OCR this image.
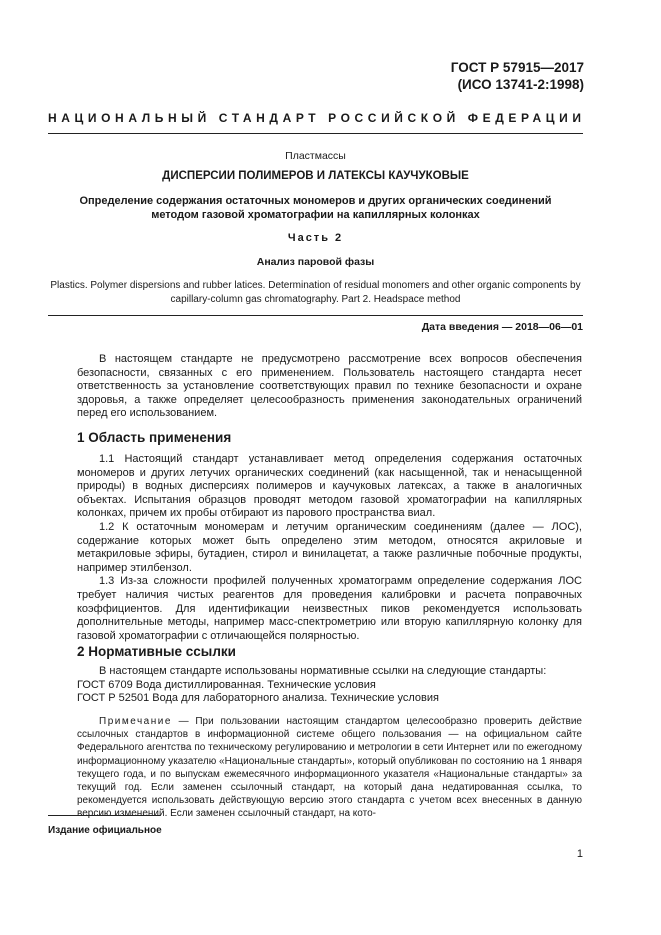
ГОСТ Р 57915—2017
(ИСО 13741-2:1998)
НАЦИОНАЛЬНЫЙ СТАНДАРТ РОССИЙСКОЙ ФЕДЕРАЦИИ
Пластмассы
ДИСПЕРСИИ ПОЛИМЕРОВ И ЛАТЕКСЫ КАУЧУКОВЫЕ
Определение содержания остаточных мономеров и других органических соединений
методом газовой хроматографии на капиллярных колонках
Часть 2
Анализ паровой фазы
Plastics. Polymer dispersions and rubber latices. Determination of residual monomers and other organic components by
capillary-column gas chromatography. Part 2. Headspace method
Дата введения — 2018—06—01

В настоящем стандарте не предусмотрено рассмотрение всех вопросов обеспечения безопасности, связанных с его применением. Пользователь настоящего стандарта несет ответственность за установление соответствующих правил по технике безопасности и охране здоровья, а также определяет целесообразность применения законодательных ограничений перед его использованием.

1 Область применения

1.1 Настоящий стандарт устанавливает метод определения содержания остаточных мономеров и других летучих органических соединений (как насыщенной, так и ненасыщенной природы) в водных дисперсиях полимеров и каучуковых латексах, а также в аналогичных объектах. Испытания образцов проводят методом газовой хроматографии на капиллярных колонках, причем их пробы отбирают из парового пространства виал.

1.2 К остаточным мономерам и летучим органическим соединениям (далее — ЛОС), содержание которых может быть определено этим методом, относятся акриловые и метакриловые эфиры, бутадиен, стирол и винилацетат, а также различные побочные продукты, например этилбензол.

1.3 Из-за сложности профилей полученных хроматограмм определение содержания ЛОС требует наличия чистых реагентов для проведения калибровки и расчета поправочных коэффициентов. Для идентификации неизвестных пиков рекомендуется использовать дополнительные методы, например масс-спектрометрию или вторую капиллярную колонку для газовой хроматографии с отличающейся полярностью.

2 Нормативные ссылки

В настоящем стандарте использованы нормативные ссылки на следующие стандарты:

ГОСТ 6709 Вода дистиллированная. Технические условия

ГОСТ Р 52501 Вода для лабораторного анализа. Технические условия

Примечание — При пользовании настоящим стандартом целесообразно проверить действие ссылочных стандартов в информационной системе общего пользования — на официальном сайте Федерального агентства по техническому регулированию и метрологии в сети Интернет или по ежегодному информационному указателю «Национальные стандарты», который опубликован по состоянию на 1 января текущего года, и по выпускам ежемесячного информационного указателя «Национальные стандарты» за текущий год. Если заменен ссылочный стандарт, на который дана недатированная ссылка, то рекомендуется использовать действующую версию этого стандарта с учетом всех внесенных в данную версию изменений. Если заменен ссылочный стандарт, на кото-

Издание официальное
1
